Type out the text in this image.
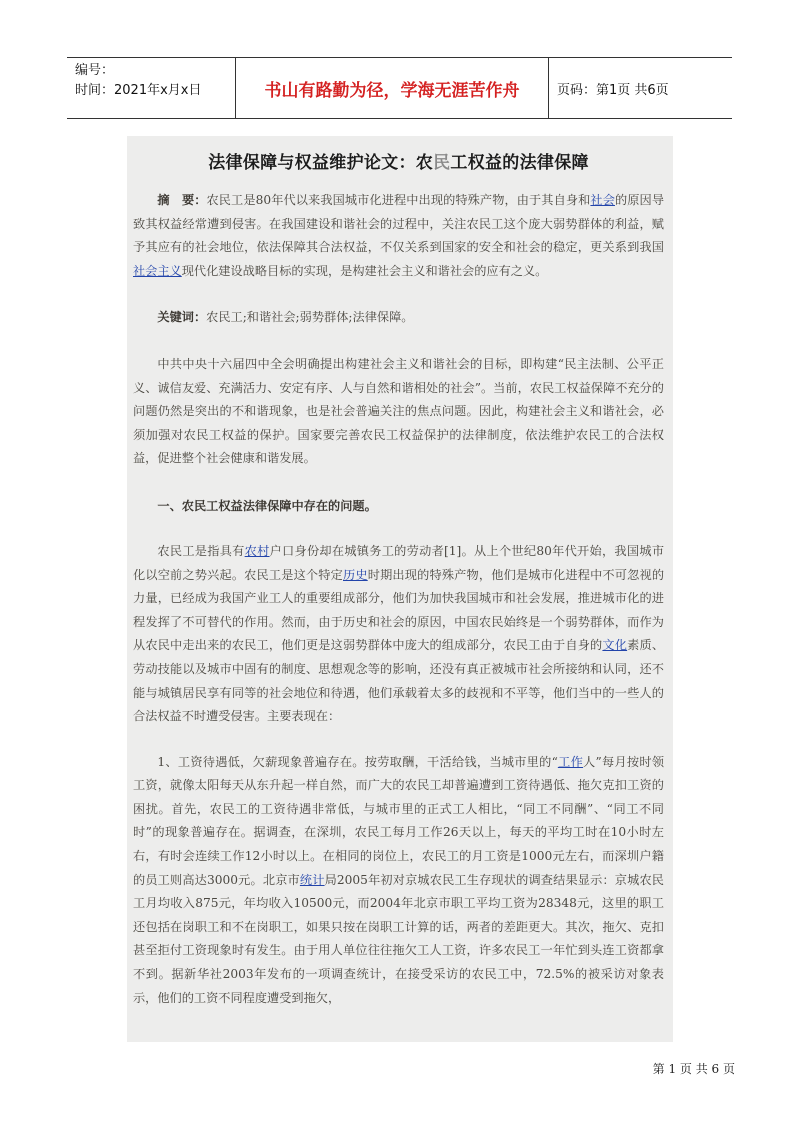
编号：
时间：2021年x月x日	书山有路勤为径，学海无涯苦作舟	页码：第1页 共6页
法律保障与权益维护论文：农民工权益的法律保障

摘　要：农民工是80年代以来我国城市化进程中出现的特殊产物，由于其自身和社会的原因导致其权益经常遭到侵害。在我国建设和谐社会的过程中，关注农民工这个庞大弱势群体的利益，赋予其应有的社会地位，依法保障其合法权益，不仅关系到国家的安全和社会的稳定，更关系到我国社会主义现代化建设战略目标的实现，是构建社会主义和谐社会的应有之义。

关键词：农民工;和谐社会;弱势群体;法律保障。

中共中央十六届四中全会明确提出构建社会主义和谐社会的目标，即构建“民主法制、公平正义、诚信友爱、充满活力、安定有序、人与自然和谐相处的社会”。当前，农民工权益保障不充分的问题仍然是突出的不和谐现象，也是社会普遍关注的焦点问题。因此，构建社会主义和谐社会，必须加强对农民工权益的保护。国家要完善农民工权益保护的法律制度，依法维护农民工的合法权益，促进整个社会健康和谐发展。

一、农民工权益法律保障中存在的问题。

农民工是指具有农村户口身份却在城镇务工的劳动者[1]。从上个世纪80年代开始，我国城市化以空前之势兴起。农民工是这个特定历史时期出现的特殊产物，他们是城市化进程中不可忽视的力量，已经成为我国产业工人的重要组成部分，他们为加快我国城市和社会发展，推进城市化的进程发挥了不可替代的作用。然而，由于历史和社会的原因，中国农民始终是一个弱势群体，而作为从农民中走出来的农民工，他们更是这弱势群体中庞大的组成部分，农民工由于自身的文化素质、劳动技能以及城市中固有的制度、思想观念等的影响，还没有真正被城市社会所接纳和认同，还不能与城镇居民享有同等的社会地位和待遇，他们承载着太多的歧视和不平等，他们当中的一些人的合法权益不时遭受侵害。主要表现在：

1、工资待遇低，欠薪现象普遍存在。按劳取酬，干活给钱，当城市里的“工作人”每月按时领工资，就像太阳每天从东升起一样自然，而广大的农民工却普遍遭到工资待遇低、拖欠克扣工资的困扰。首先，农民工的工资待遇非常低，与城市里的正式工人相比，“同工不同酬”、“同工不同时”的现象普遍存在。据调查，在深圳，农民工每月工作26天以上，每天的平均工时在10小时左右，有时会连续工作12小时以上。在相同的岗位上，农民工的月工资是1000元左右，而深圳户籍的员工则高达3000元。北京市统计局2005年初对京城农民工生存现状的调查结果显示：京城农民工月均收入875元，年均收入10500元，而2004年北京市职工平均工资为28348元，这里的职工还包括在岗职工和不在岗职工，如果只按在岗职工计算的话，两者的差距更大。其次，拖欠、克扣甚至拒付工资现象时有发生。由于用人单位往往拖欠工人工资，许多农民工一年忙到头连工资都拿不到。据新华社2003年发布的一项调查统计，在接受采访的农民工中，72.5%的被采访对象表示，他们的工资不同程度遭受到拖欠，

第 1 页 共 6 页
